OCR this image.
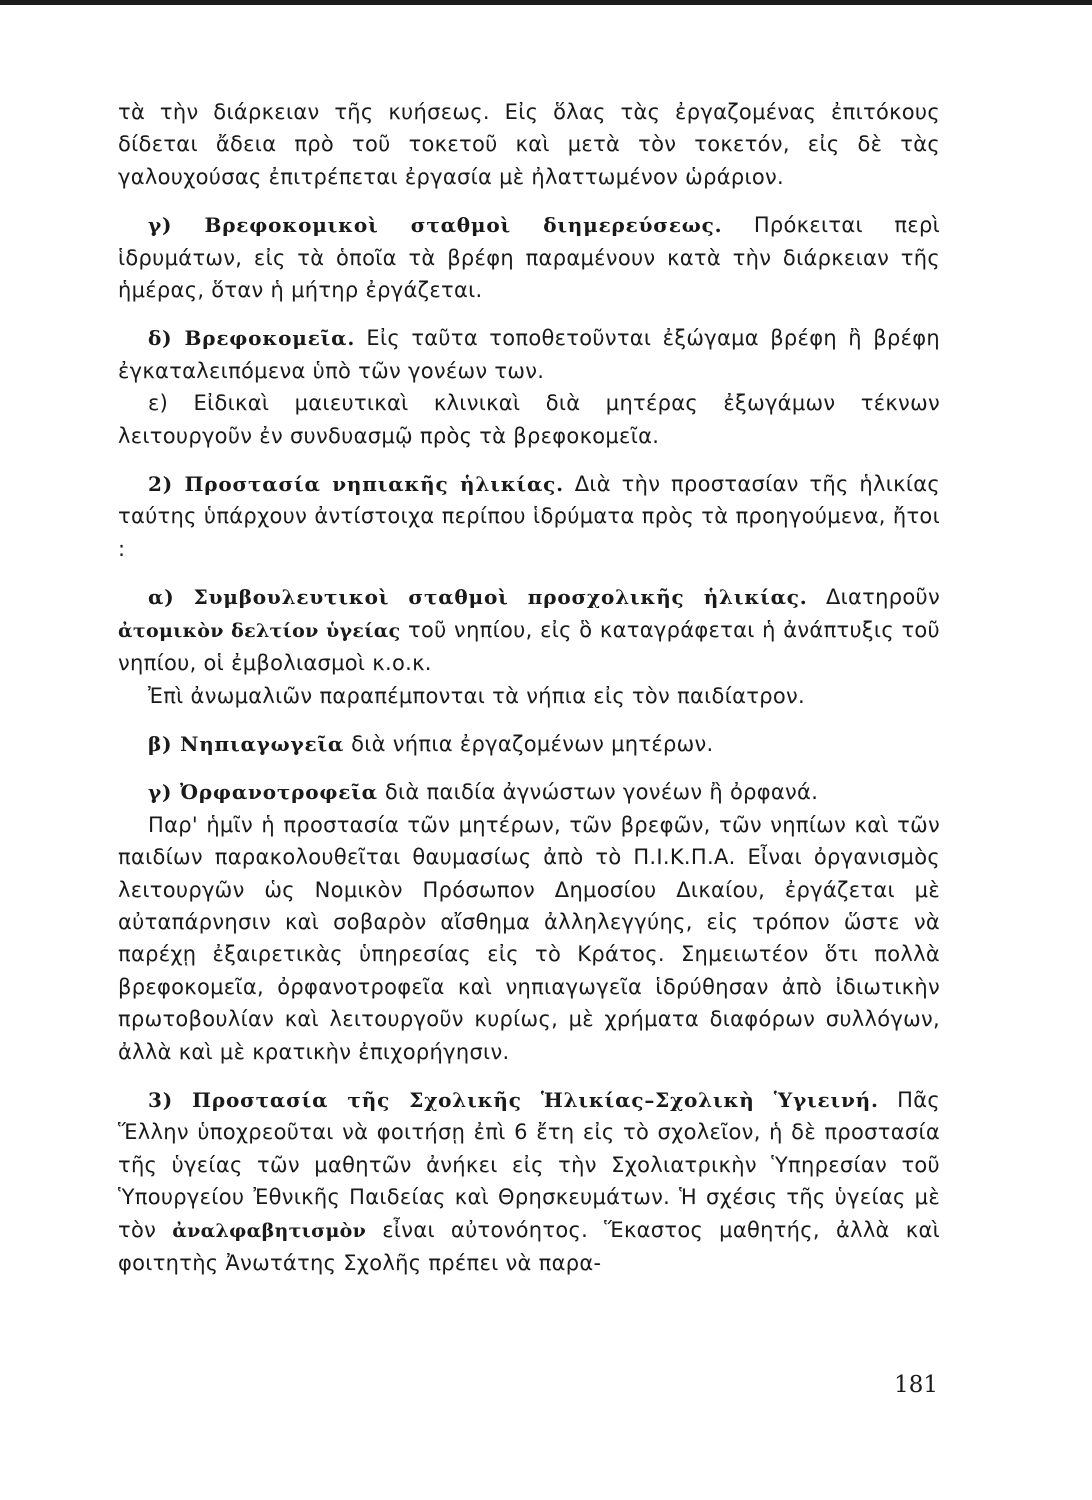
τὰ τὴν διάρκειαν τῆς κυήσεως. Εἰς ὅλας τὰς ἐργαζομένας ἐπιτόκους δίδεται ἄδεια πρὸ τοῦ τοκετοῦ καὶ μετὰ τὸν τοκετόν, εἰς δὲ τὰς γαλουχούσας ἐπιτρέπεται ἐργασία μὲ ἠλαττωμένον ὡράριον.

γ) Βρεφοκομικοὶ σταθμοὶ διημερεύσεως. Πρόκειται περὶ ἱδρυμάτων, εἰς τὰ ὁποῖα τὰ βρέφη παραμένουν κατὰ τὴν διάρκειαν τῆς ἡμέρας, ὅταν ἡ μήτηρ ἐργάζεται.

δ) Βρεφοκομεῖα. Εἰς ταῦτα τοποθετοῦνται ἐξώγαμα βρέφη ἢ βρέφη ἐγκαταλειπόμενα ὑπὸ τῶν γονέων των.

ε) Εἰδικαὶ μαιευτικαὶ κλινικαὶ διὰ μητέρας ἐξωγάμων τέκνων λειτουργοῦν ἐν συνδυασμῷ πρὸς τὰ βρεφοκομεῖα.

2) Προστασία νηπιακῆς ἡλικίας. Διὰ τὴν προστασίαν τῆς ἡλικίας ταύτης ὑπάρχουν ἀντίστοιχα περίπου ἱδρύματα πρὸς τὰ προηγούμενα, ἤτοι :

α) Συμβουλευτικοὶ σταθμοὶ προσχολικῆς ἡλικίας. Διατηροῦν ἀτομικὸν δελτίον ὑγείας τοῦ νηπίου, εἰς ὃ καταγράφεται ἡ ἀνάπτυξις τοῦ νηπίου, οἱ ἐμβολιασμοὶ κ.ο.κ.

Ἐπὶ ἀνωμαλιῶν παραπέμπονται τὰ νήπια εἰς τὸν παιδίατρον.

β) Νηπιαγωγεῖα διὰ νήπια ἐργαζομένων μητέρων.

γ) Ὀρφανοτροφεῖα διὰ παιδία ἀγνώστων γονέων ἢ ὀρφανά.

Παρ' ἡμῖν ἡ προστασία τῶν μητέρων, τῶν βρεφῶν, τῶν νηπίων καὶ τῶν παιδίων παρακολουθεῖται θαυμασίως ἀπὸ τὸ Π.Ι.Κ.Π.Α. Εἶναι ὀργανισμὸς λειτουργῶν ὡς Νομικὸν Πρόσωπον Δημοσίου Δικαίου, ἐργάζεται μὲ αὐταπάρνησιν καὶ σοβαρὸν αἴσθημα ἀλληλεγγύης, εἰς τρόπον ὥστε νὰ παρέχῃ ἐξαιρετικὰς ὑπηρεσίας εἰς τὸ Κράτος. Σημειωτέον ὅτι πολλὰ βρεφοκομεῖα, ὀρφανοτροφεῖα καὶ νηπιαγωγεῖα ἱδρύθησαν ἀπὸ ἰδιωτικὴν πρωτοβουλίαν καὶ λειτουργοῦν κυρίως, μὲ χρήματα διαφόρων συλλόγων, ἀλλὰ καὶ μὲ κρατικὴν ἐπιχορήγησιν.

3) Προστασία τῆς Σχολικῆς Ἡλικίας–Σχολικὴ Ὑγιεινή. Πᾶς Ἕλλην ὑποχρεοῦται νὰ φοιτήσῃ ἐπὶ 6 ἔτη εἰς τὸ σχολεῖον, ἡ δὲ προστασία τῆς ὑγείας τῶν μαθητῶν ἀνήκει εἰς τὴν Σχολιατρικὴν Ὑπηρεσίαν τοῦ Ὑπουργείου Ἐθνικῆς Παιδείας καὶ Θρησκευμάτων. Ἡ σχέσις τῆς ὑγείας μὲ τὸν ἀναλφαβητισμὸν εἶναι αὐτονόητος. Ἕκαστος μαθητής, ἀλλὰ καὶ φοιτητὴς Ἀνωτάτης Σχολῆς πρέπει νὰ παρα-

181
